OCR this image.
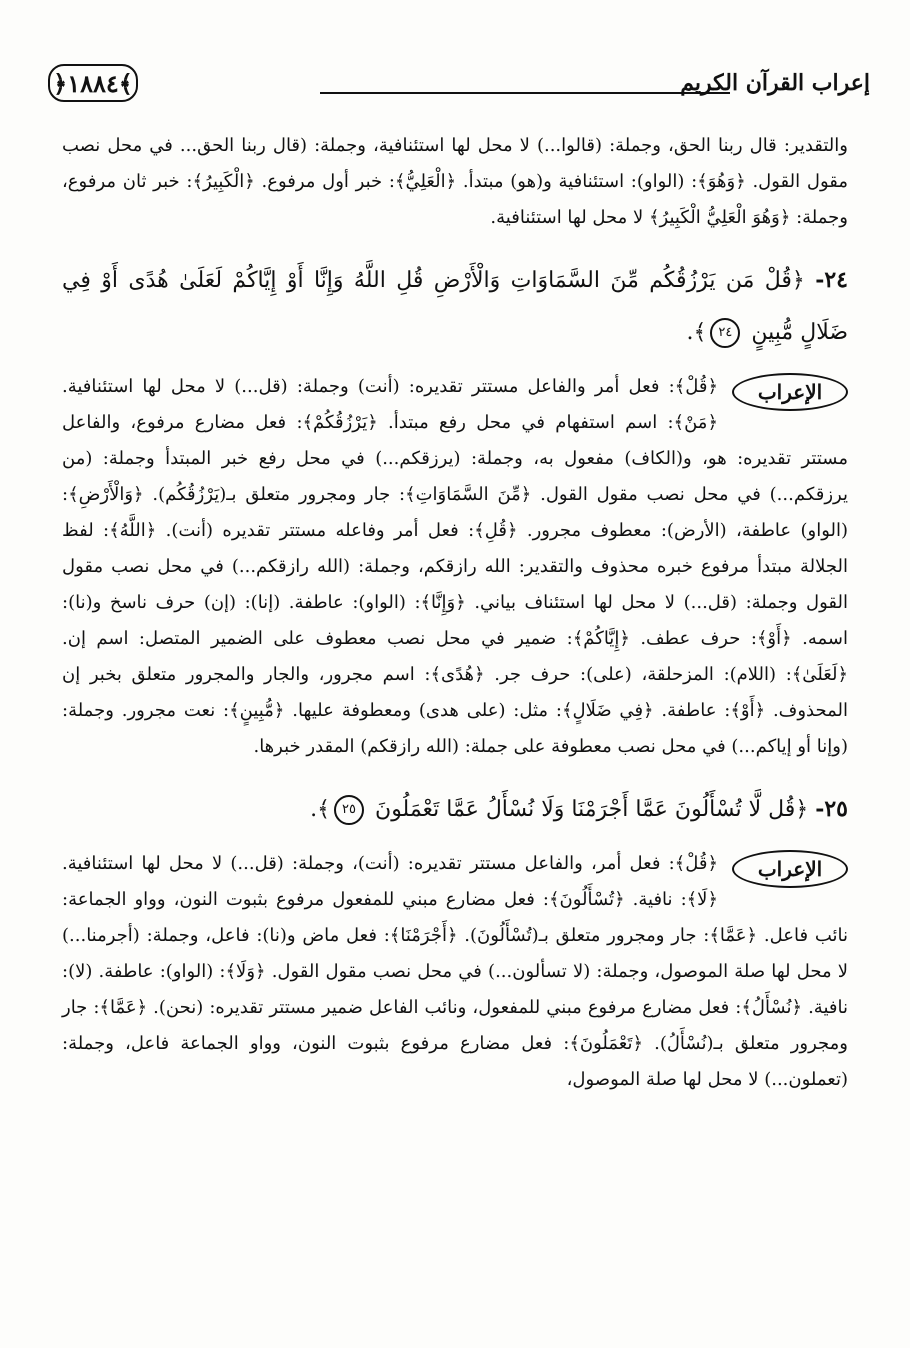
﴿١٨٨٤﴾	إعراب القرآن الكريم

والتقدير: قال ربنا الحق، وجملة: (قالوا...) لا محل لها استئنافية، وجملة: (قال ربنا الحق... في محل نصب مقول القول. ﴿وَهُوَ﴾: (الواو): استئنافية و(هو) مبتدأ. ﴿الْعَلِيُّ﴾: خبر أول مرفوع. ﴿الْكَبِيرُ﴾: خبر ثان مرفوع، وجملة: ﴿وَهُوَ الْعَلِيُّ الْكَبِيرُ﴾ لا محل لها استئنافية.

٢٤- ﴿قُلْ مَن يَرْزُقُكُم مِّنَ السَّمَاوَاتِ وَالْأَرْضِ قُلِ اللَّهُ وَإِنَّا أَوْ إِيَّاكُمْ لَعَلَىٰ هُدًى أَوْ فِي ضَلَالٍ مُّبِينٍ ٢٤﴾.

الإعراب

﴿قُلْ﴾: فعل أمر والفاعل مستتر تقديره: (أنت) وجملة: (قل...) لا محل لها استئنافية. ﴿مَنْ﴾: اسم استفهام في محل رفع مبتدأ. ﴿يَرْزُقُكُمْ﴾: فعل مضارع مرفوع، والفاعل مستتر تقديره: هو، و(الكاف) مفعول به، وجملة: (يرزقكم...) في محل رفع خبر المبتدأ وجملة: (من يرزقكم...) في محل نصب مقول القول. ﴿مِّنَ السَّمَاوَاتِ﴾: جار ومجرور متعلق بـ(يَرْزُقُكُم). ﴿وَالْأَرْضِ﴾: (الواو) عاطفة، (الأرض): معطوف مجرور. ﴿قُلِ﴾: فعل أمر وفاعله مستتر تقديره (أنت). ﴿اللَّهُ﴾: لفظ الجلالة مبتدأ مرفوع خبره محذوف والتقدير: الله رازقكم، وجملة: (الله رازقكم...) في محل نصب مقول القول وجملة: (قل...) لا محل لها استئناف بياني. ﴿وَإِنَّا﴾: (الواو): عاطفة. (إنا): (إن) حرف ناسخ و(نا): اسمه. ﴿أَوْ﴾: حرف عطف. ﴿إِيَّاكُمْ﴾: ضمير في محل نصب معطوف على الضمير المتصل: اسم إن. ﴿لَعَلَىٰ﴾: (اللام): المزحلقة، (على): حرف جر. ﴿هُدًى﴾: اسم مجرور، والجار والمجرور متعلق بخبر إن المحذوف. ﴿أَوْ﴾: عاطفة. ﴿فِي ضَلَالٍ﴾: مثل: (على هدى) ومعطوفة عليها. ﴿مُّبِينٍ﴾: نعت مجرور. وجملة: (وإنا أو إياكم...) في محل نصب معطوفة على جملة: (الله رازقكم) المقدر خبرها.

٢٥- ﴿قُل لَّا تُسْأَلُونَ عَمَّا أَجْرَمْنَا وَلَا نُسْأَلُ عَمَّا تَعْمَلُونَ ٢٥﴾.

الإعراب

﴿قُلْ﴾: فعل أمر، والفاعل مستتر تقديره: (أنت)، وجملة: (قل...) لا محل لها استئنافية. ﴿لَا﴾: نافية. ﴿تُسْأَلُونَ﴾: فعل مضارع مبني للمفعول مرفوع بثبوت النون، وواو الجماعة: نائب فاعل. ﴿عَمَّا﴾: جار ومجرور متعلق بـ(تُسْأَلُونَ). ﴿أَجْرَمْنَا﴾: فعل ماض و(نا): فاعل، وجملة: (أجرمنا...) لا محل لها صلة الموصول، وجملة: (لا تسألون...) في محل نصب مقول القول. ﴿وَلَا﴾: (الواو): عاطفة. (لا): نافية. ﴿نُسْأَلُ﴾: فعل مضارع مرفوع مبني للمفعول، ونائب الفاعل ضمير مستتر تقديره: (نحن). ﴿عَمَّا﴾: جار ومجرور متعلق بـ(نُسْأَلُ). ﴿تَعْمَلُونَ﴾: فعل مضارع مرفوع بثبوت النون، وواو الجماعة فاعل، وجملة: (تعملون...) لا محل لها صلة الموصول،
